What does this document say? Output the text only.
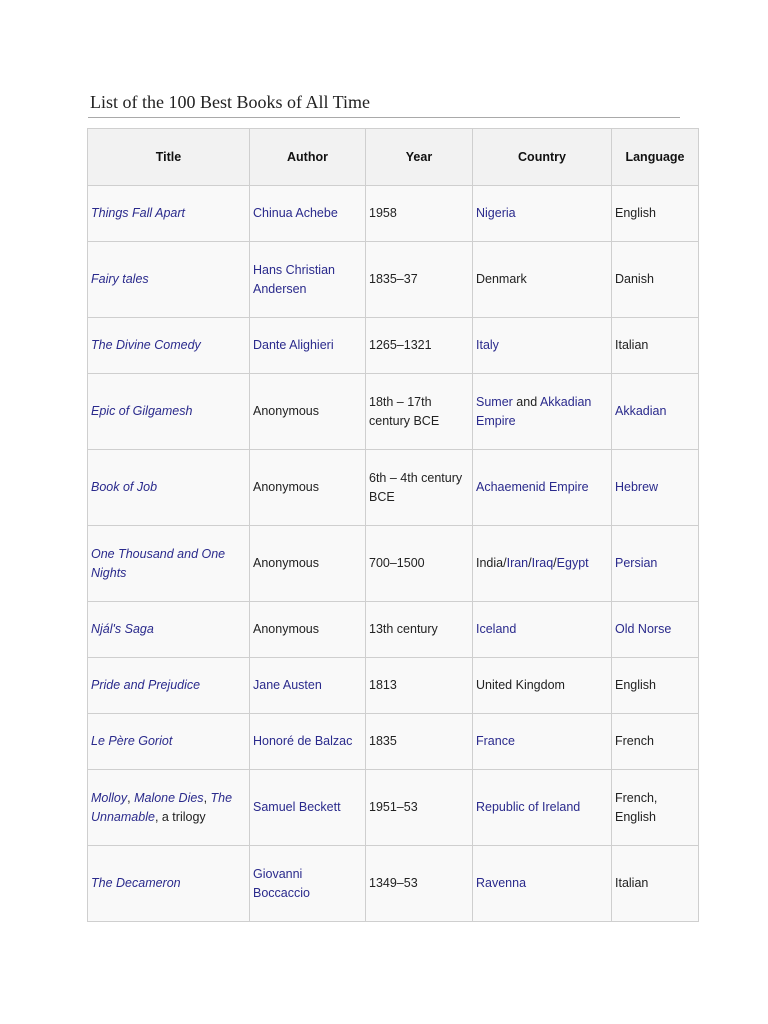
List of the 100 Best Books of All Time
Title	Author	Year	Country	Language
Things Fall Apart	Chinua Achebe	1958	Nigeria	English
Fairy tales	Hans Christian Andersen	1835–37	Denmark	Danish
The Divine Comedy	Dante Alighieri	1265–1321	Italy	Italian
Epic of Gilgamesh	Anonymous	18th – 17th century BCE	Sumer and Akkadian Empire	Akkadian
Book of Job	Anonymous	6th – 4th century BCE	Achaemenid Empire	Hebrew
One Thousand and One Nights	Anonymous	700–1500	India/Iran/Iraq/Egypt	Persian
Njál's Saga	Anonymous	13th century	Iceland	Old Norse
Pride and Prejudice	Jane Austen	1813	United Kingdom	English
Le Père Goriot	Honoré de Balzac	1835	France	French
Molloy, Malone Dies, The Unnamable, a trilogy	Samuel Beckett	1951–53	Republic of Ireland	French, English
The Decameron	Giovanni Boccaccio	1349–53	Ravenna	Italian
